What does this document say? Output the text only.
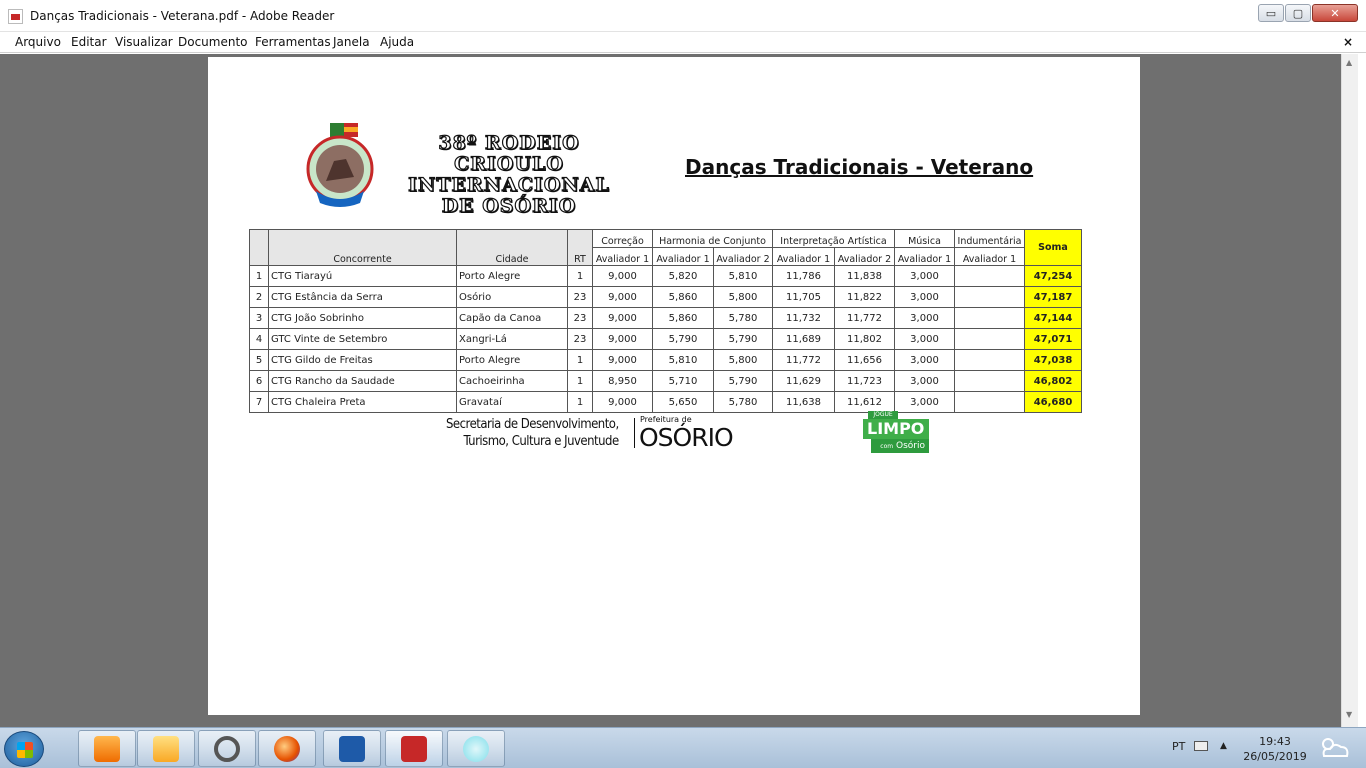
Danças Tradicionais - Veterana.pdf - Adobe Reader	▭ ▢ ✕
Arquivo Editar Visualizar Documento Ferramentas Janela Ajuda	×
▲
▼
38º RODEIO CRIOULO
INTERNACIONAL
DE OSÓRIO
Danças Tradicionais - Veterano
	Concorrente	Cidade	RT	Correção	Harmonia de Conjunto		Interpretação Artística		Música	Indumentária	Soma
				Avaliador 1	Avaliador 1	Avaliador 2	Avaliador 1	Avaliador 2	Avaliador 1	Avaliador 1	
1	CTG Tiarayú	Porto Alegre	1	9,000	5,820	5,810	11,786	11,838	3,000		47,254
2	CTG Estância da Serra	Osório	23	9,000	5,860	5,800	11,705	11,822	3,000		47,187
3	CTG João Sobrinho	Capão da Canoa	23	9,000	5,860	5,780	11,732	11,772	3,000		47,144
4	GTC Vinte de Setembro	Xangri-Lá	23	9,000	5,790	5,790	11,689	11,802	3,000		47,071
5	CTG Gildo de Freitas	Porto Alegre	1	9,000	5,810	5,800	11,772	11,656	3,000		47,038
6	CTG Rancho da Saudade	Cachoeirinha	1	8,950	5,710	5,790	11,629	11,723	3,000		46,802
7	CTG Chaleira Preta	Gravataí	1	9,000	5,650	5,780	11,638	11,612	3,000		46,680
Secretaria de Desenvolvimento,
Turismo, Cultura e Juventude
Prefeitura de
OSÓRIO
JOGUE
LIMPO
com Osório
PT	▲	19:43
26/05/2019
